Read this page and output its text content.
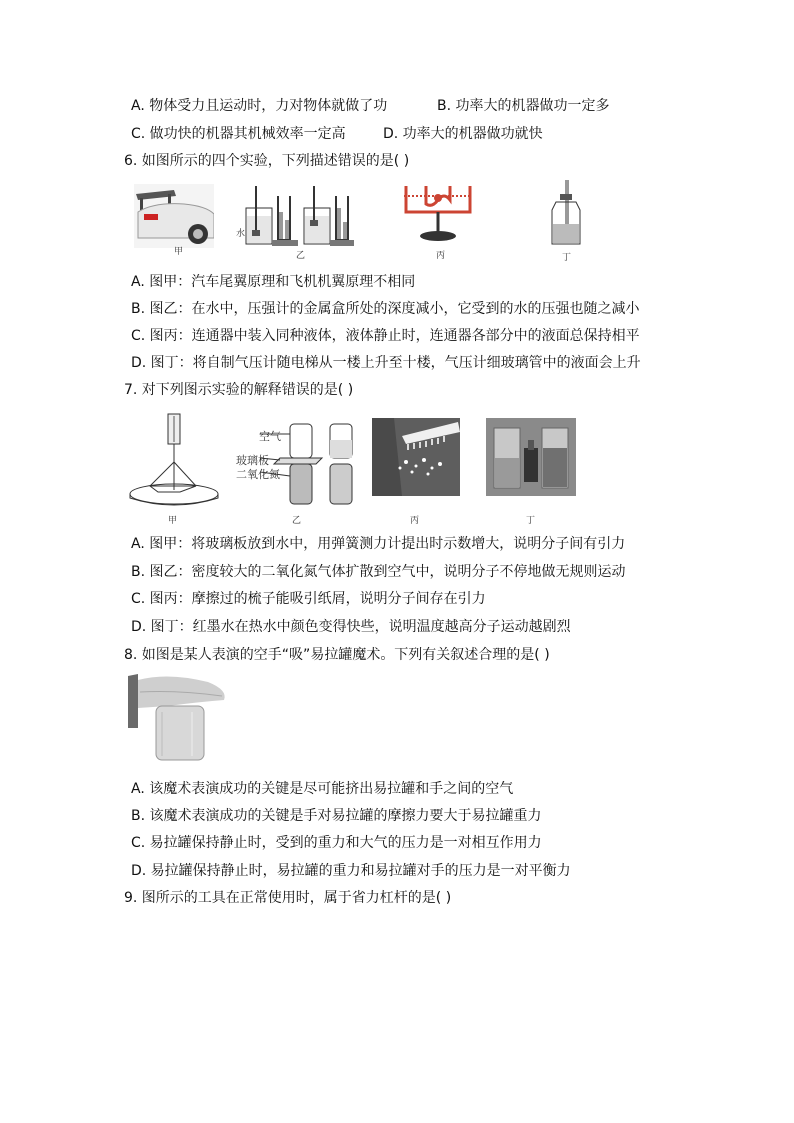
A. 物体受力且运动时，力对物体就做了功	B. 功率大的机器做功一定多
C. 做功快的机器其机械效率一定高	D. 功率大的机器做功就快
6. 如图所示的四个实验，下列描述错误的是( )
甲
水
乙	丙	丁
A. 图甲：汽车尾翼原理和飞机机翼原理不相同
B. 图乙：在水中，压强计的金属盒所处的深度减小，它受到的水的压强也随之减小
C. 图丙：连通器中装入同种液体，液体静止时，连通器各部分中的液面总保持相平
D. 图丁：将自制气压计随电梯从一楼上升至十楼，气压计细玻璃管中的液面会上升
7. 对下列图示实验的解释错误的是( )
甲
空气
玻璃板
二氧化氮
乙	丙	丁
A. 图甲：将玻璃板放到水中，用弹簧测力计提出时示数增大，说明分子间有引力
B. 图乙：密度较大的二氧化氮气体扩散到空气中，说明分子不停地做无规则运动
C. 图丙：摩擦过的梳子能吸引纸屑，说明分子间存在引力
D. 图丁：红墨水在热水中颜色变得快些，说明温度越高分子运动越剧烈
8. 如图是某人表演的空手“吸”易拉罐魔术。下列有关叙述合理的是( )
A. 该魔术表演成功的关键是尽可能挤出易拉罐和手之间的空气
B. 该魔术表演成功的关键是手对易拉罐的摩擦力要大于易拉罐重力
C. 易拉罐保持静止时，受到的重力和大气的压力是一对相互作用力
D. 易拉罐保持静止时，易拉罐的重力和易拉罐对手的压力是一对平衡力
9. 图所示的工具在正常使用时，属于省力杠杆的是( )
